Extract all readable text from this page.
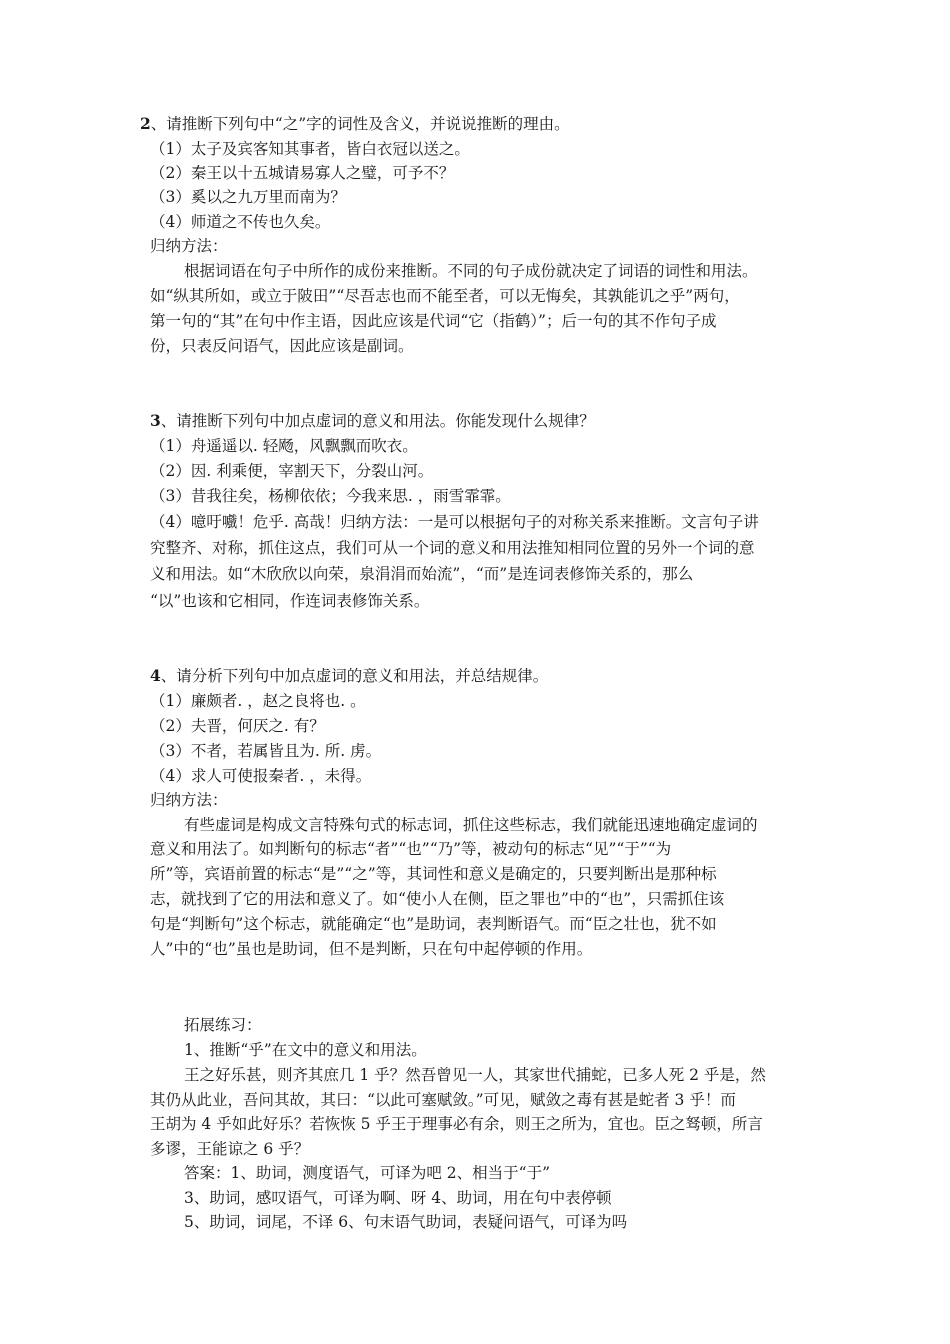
2、请推断下列句中“之”字的词性及含义，并说说推断的理由。
（1）太子及宾客知其事者，皆白衣冠以送之。
（2）秦王以十五城请易寡人之璧，可予不？
（3）奚以之九万里而南为？
（4）师道之不传也久矣。
归纳方法：
根据词语在句子中所作的成份来推断。不同的句子成份就决定了词语的词性和用法。
如“纵其所如，或立于陂田”“尽吾志也而不能至者，可以无悔矣，其孰能讥之乎”两句，
第一句的“其”在句中作主语，因此应该是代词“它（指鹤）”；后一句的其不作句子成
份，只表反问语气，因此应该是副词。
3、请推断下列句中加点虚词的意义和用法。你能发现什么规律？
（1）舟遥遥以. 轻飏，风飘飘而吹衣。
（2）因. 利乘便，宰割天下，分裂山河。
（3）昔我往矣，杨柳依依；今我来思. ，雨雪霏霏。
（4）噫吁嚱！危乎. 高哉！归纳方法：一是可以根据句子的对称关系来推断。文言句子讲
究整齐、对称，抓住这点，我们可从一个词的意义和用法推知相同位置的另外一个词的意
义和用法。如“木欣欣以向荣，泉涓涓而始流”，“而”是连词表修饰关系的，那么
“以”也该和它相同，作连词表修饰关系。
4、请分析下列句中加点虚词的意义和用法，并总结规律。
（1）廉颇者. ，赵之良将也. 。
（2）夫晋，何厌之. 有？
（3）不者，若属皆且为. 所. 虏。
（4）求人可使报秦者. ，未得。
归纳方法：
有些虚词是构成文言特殊句式的标志词，抓住这些标志，我们就能迅速地确定虚词的
意义和用法了。如判断句的标志“者”“也”“乃”等，被动句的标志“见”“于”“为
所”等，宾语前置的标志“是”“之”等，其词性和意义是确定的，只要判断出是那种标
志，就找到了它的用法和意义了。如“使小人在侧，臣之罪也”中的“也”，只需抓住该
句是“判断句”这个标志，就能确定“也”是助词，表判断语气。而“臣之壮也，犹不如
人”中的“也”虽也是助词，但不是判断，只在句中起停顿的作用。
拓展练习：
1、推断“乎”在文中的意义和用法。
王之好乐甚，则齐其庶几 1 乎？然吾曾见一人，其家世代捕蛇，已多人死 2 乎是，然
其仍从此业，吾问其故，其曰：“以此可塞赋敛。”可见，赋敛之毒有甚是蛇者 3 乎！而
王胡为 4 乎如此好乐？若恢恢 5 乎王于理事必有余，则王之所为，宜也。臣之驽顿，所言
多谬，王能谅之 6 乎？
答案：1、助词，测度语气，可译为吧 2、相当于“于”
3、助词，感叹语气，可译为啊、呀 4、助词，用在句中表停顿
5、助词，词尾，不译 6、句末语气助词，表疑问语气，可译为吗
